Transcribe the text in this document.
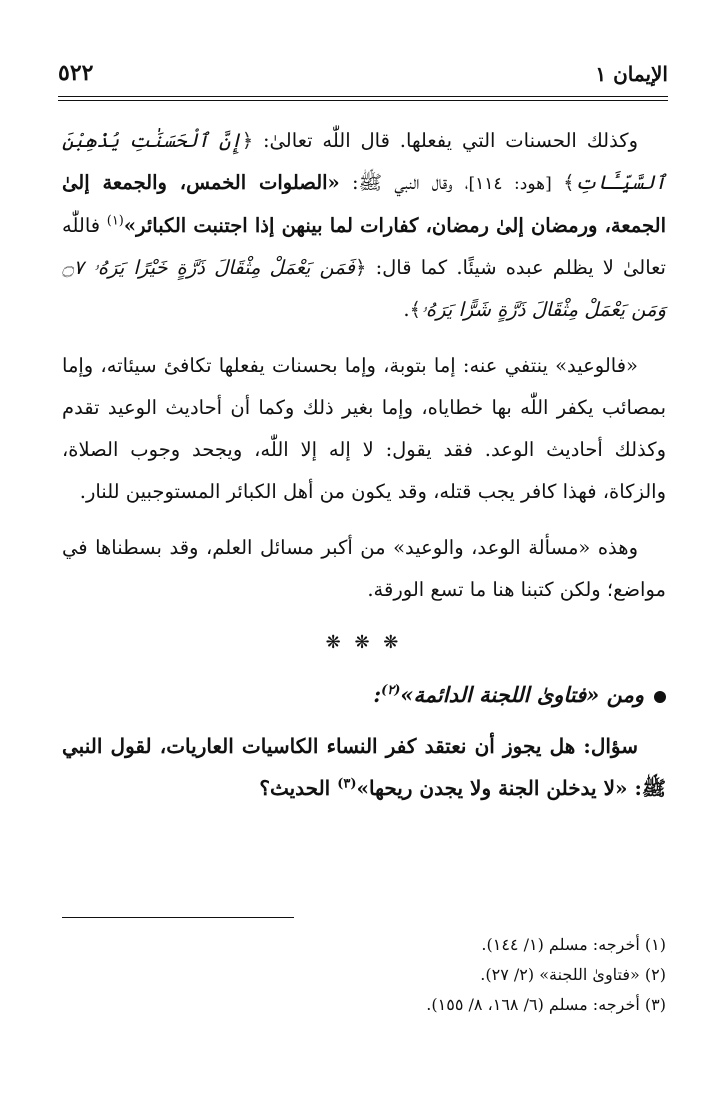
٥٢٢	الإيمان ١

وكذلك الحسنات التي يفعلها. قال اللّٰه تعالىٰ: ﴿إِنَّ ٱلْحَسَنَٰتِ يُذْهِبْنَ ٱلسَّيِّـَٔاتِ﴾ [هود: ١١٤]، وقال النبي ﷺ: «الصلوات الخمس، والجمعة إلىٰ الجمعة، ورمضان إلىٰ رمضان، كفارات لما بينهن إذا اجتنبت الكبائر»$^{(١)}$ فاللّٰه تعالىٰ لا يظلم عبده شيئًا. كما قال: ﴿فَمَن يَعْمَلْ مِثْقَالَ ذَرَّةٍ خَيْرًا يَرَهُۥ ۝٧ وَمَن يَعْمَلْ مِثْقَالَ ذَرَّةٍ شَرًّا يَرَهُۥ﴾.

«فالوعيد» ينتفي عنه: إما بتوبة، وإما بحسنات يفعلها تكافئ سيئاته، وإما بمصائب يكفر اللّٰه بها خطاياه، وإما بغير ذلك وكما أن أحاديث الوعيد تقدم وكذلك أحاديث الوعد. فقد يقول: لا إله إلا اللّٰه، ويجحد وجوب الصلاة، والزكاة، فهذا كافر يجب قتله، وقد يكون من أهل الكبائر المستوجبين للنار.

وهذه «مسألة الوعد، والوعيد» من أكبر مسائل العلم، وقد بسطناها في مواضع؛ ولكن كتبنا هنا ما تسع الورقة.

❋ ❋ ❋
ومن «فتاوىٰ اللجنة الدائمة»$^{(٢)}$:

سؤال: هل يجوز أن نعتقد كفر النساء الكاسيات العاريات، لقول النبي ﷺ: «لا يدخلن الجنة ولا يجدن ريحها»$^{(٣)}$ الحديث؟

(١) أخرجه: مسلم (١/ ١٤٤).
(٢) «فتاوىٰ اللجنة» (٢/ ٢٧).
(٣) أخرجه: مسلم (٦/ ١٦٨، ٨/ ١٥٥).
